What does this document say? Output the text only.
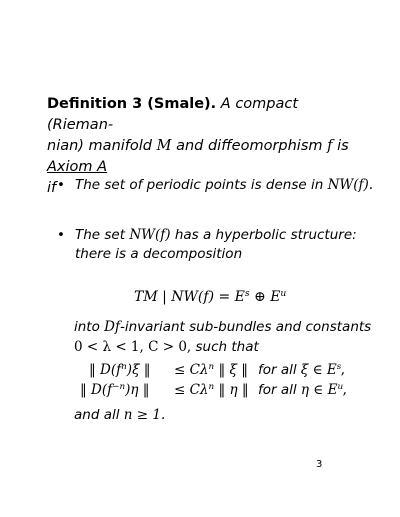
Definition 3 (Smale). A compact (Rieman-
nian) manifold M and diffeomorphism f is Axiom A
if • The set of periodic points is dense in NW(f).
• The set NW(f) has a hyperbolic structure:
there is a decomposition
TM | $NW(f) = E^s$ ⊕ $E^u$
into Df-invariant sub-bundles and constants
0 < λ < 1, C > 0, such that
‖ $D(f^n)\xi$ ‖ ≤ $C\lambda^n$ ‖ ξ ‖ for all ξ ∈ $E^s$,
‖ $D(f^{-n})\eta$ ‖ ≤ $C\lambda^n$ ‖ η ‖ for all η ∈ $E^u$,
and all n ≥ 1.
3
